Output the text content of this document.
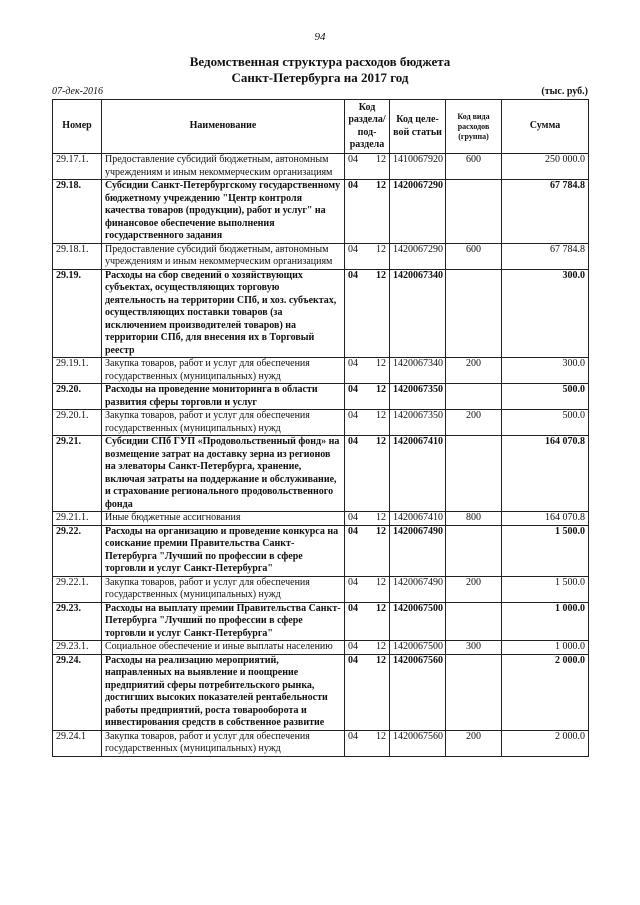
94
Ведомственная структура расходов бюджета
Санкт-Петербурга на 2017 год
07-дек-2016	(тыс. руб.)
Номер	Наименование	Код раздела/ под-раздела	Код целе-вой статьи	Код вида расходов (группа)	Сумма
29.17.1.	Предоставление субсидий бюджетным, автономным учреждениям и иным некоммерческим организациям	04 12	1410067920	600	250 000.0
29.18.	Субсидии Санкт-Петербургскому государственному бюджетному учреждению "Центр контроля качества товаров (продукции), работ и услуг" на финансовое обеспечение выполнения государственного задания	04 12	1420067290		67 784.8
29.18.1.	Предоставление субсидий бюджетным, автономным учреждениям и иным некоммерческим организациям	04 12	1420067290	600	67 784.8
29.19.	Расходы на сбор сведений о хозяйствующих субъектах, осуществляющих торговую деятельность на территории СПб, и хоз. субъектах, осуществляющих поставки товаров (за исключением производителей товаров) на территории СПб, для внесения их в Торговый реестр	04 12	1420067340		300.0
29.19.1.	Закупка товаров, работ и услуг для обеспечения государственных (муниципальных) нужд	04 12	1420067340	200	300.0
29.20.	Расходы на проведение мониторинга в области развития сферы торговли и услуг	04 12	1420067350		500.0
29.20.1.	Закупка товаров, работ и услуг для обеспечения государственных (муниципальных) нужд	04 12	1420067350	200	500.0
29.21.	Субсидии СПб ГУП «Продовольственный фонд» на возмещение затрат на доставку зерна из регионов на элеваторы Санкт-Петербурга, хранение, включая затраты на поддержание и обслуживание, и страхование регионального продовольственного фонда	04 12	1420067410		164 070.8
29.21.1.	Иные бюджетные ассигнования	04 12	1420067410	800	164 070.8
29.22.	Расходы на организацию и проведение конкурса на соискание премии Правительства Санкт-Петербурга "Лучший по профессии в сфере торговли и услуг Санкт-Петербурга"	04 12	1420067490		1 500.0
29.22.1.	Закупка товаров, работ и услуг для обеспечения государственных (муниципальных) нужд	04 12	1420067490	200	1 500.0
29.23.	Расходы на выплату премии Правительства Санкт-Петербурга "Лучший по профессии в сфере торговли и услуг Санкт-Петербурга"	04 12	1420067500		1 000.0
29.23.1.	Социальное обеспечение и иные выплаты населению	04 12	1420067500	300	1 000.0
29.24.	Расходы на реализацию мероприятий, направленных на выявление и поощрение предприятий сферы потребительского рынка, достигших высоких показателей рентабельности работы предприятий, роста товарооборота и инвестирования средств в собственное развитие	04 12	1420067560		2 000.0
29.24.1	Закупка товаров, работ и услуг для обеспечения государственных (муниципальных) нужд	04 12	1420067560	200	2 000.0
